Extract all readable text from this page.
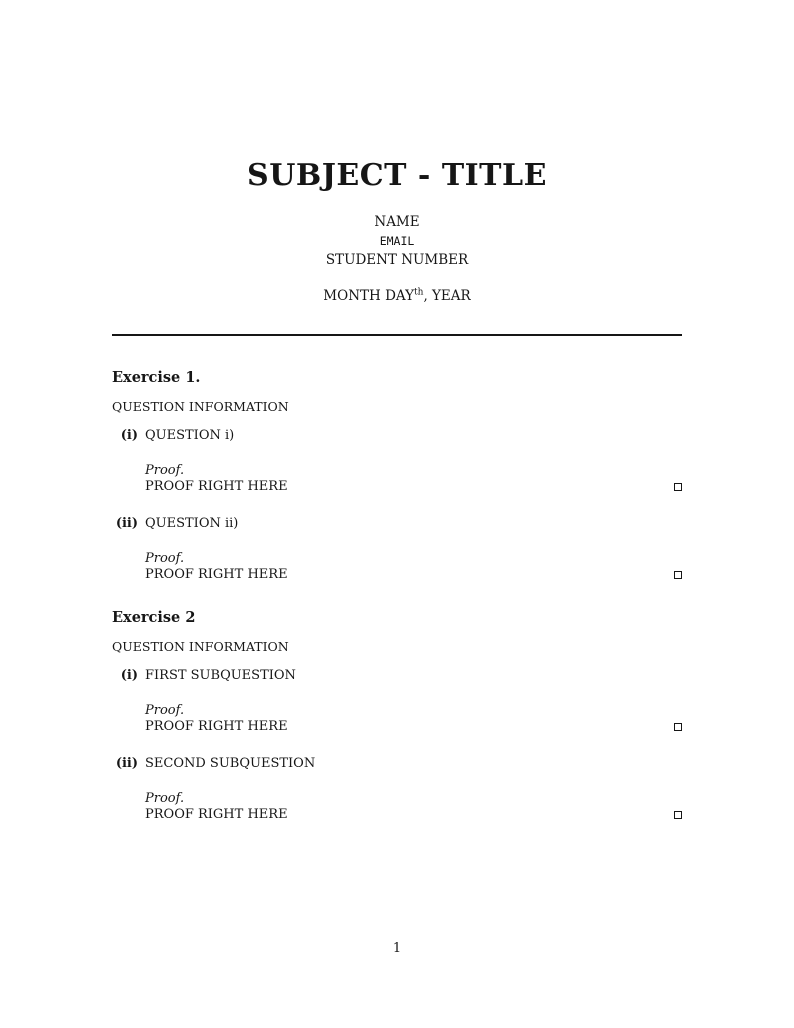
SUBJECT - TITLE
NAME
EMAIL
STUDENT NUMBER
MONTH $DAY^{th}$, YEAR
Exercise 1.
QUESTION INFORMATION
(i) QUESTION i)
Proof.
PROOF RIGHT HERE
(ii) QUESTION ii)
Proof.
PROOF RIGHT HERE
Exercise 2
QUESTION INFORMATION
(i) FIRST SUBQUESTION
Proof.
PROOF RIGHT HERE
(ii) SECOND SUBQUESTION
Proof.
PROOF RIGHT HERE
1
